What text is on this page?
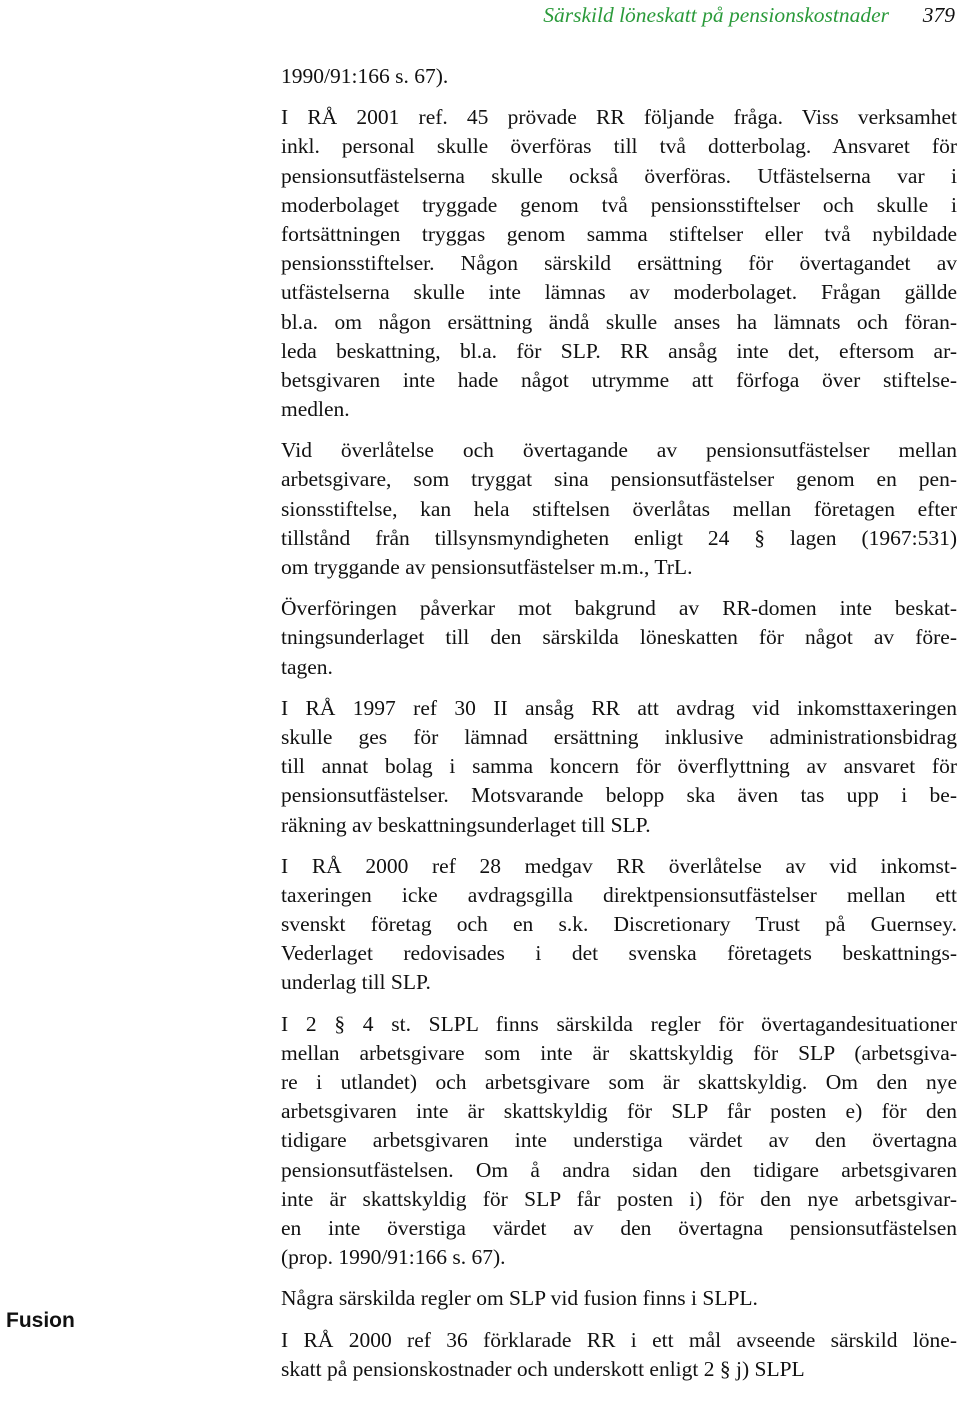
Särskild löneskatt på pensionskostnader 379
Fusion
1990/91:166 s. 67).
I RÅ 2001 ref. 45 prövade RR följande fråga. Viss verksamhet
inkl. personal skulle överföras till två dotterbolag. Ansvaret för
pensionsutfästelserna skulle också överföras. Utfästelserna var i
moderbolaget tryggade genom två pensionsstiftelser och skulle i
fortsättningen tryggas genom samma stiftelser eller två nybildade
pensionsstiftelser. Någon särskild ersättning för övertagandet av
utfästelserna skulle inte lämnas av moderbolaget. Frågan gällde
bl.a. om någon ersättning ändå skulle anses ha lämnats och föran-
leda beskattning, bl.a. för SLP. RR ansåg inte det, eftersom ar-
betsgivaren inte hade något utrymme att förfoga över stiftelse-
medlen.
Vid överlåtelse och övertagande av pensionsutfästelser mellan
arbetsgivare, som tryggat sina pensionsutfästelser genom en pen-
sionsstiftelse, kan hela stiftelsen överlåtas mellan företagen efter
tillstånd från tillsynsmyndigheten enligt 24 § lagen (1967:531)
om tryggande av pensionsutfästelser m.m., TrL.
Överföringen påverkar mot bakgrund av RR-domen inte beskat-
tningsunderlaget till den särskilda löneskatten för något av före-
tagen.
I RÅ 1997 ref 30 II ansåg RR att avdrag vid inkomsttaxeringen
skulle ges för lämnad ersättning inklusive administrationsbidrag
till annat bolag i samma koncern för överflyttning av ansvaret för
pensionsutfästelser. Motsvarande belopp ska även tas upp i be-
räkning av beskattningsunderlaget till SLP.
I RÅ 2000 ref 28 medgav RR överlåtelse av vid inkomst-
taxeringen icke avdragsgilla direktpensionsutfästelser mellan ett
svenskt företag och en s.k. Discretionary Trust på Guernsey.
Vederlaget redovisades i det svenska företagets beskattnings-
underlag till SLP.
I 2 § 4 st. SLPL finns särskilda regler för övertagandesituationer
mellan arbetsgivare som inte är skattskyldig för SLP (arbetsgiva-
re i utlandet) och arbetsgivare som är skattskyldig. Om den nye
arbetsgivaren inte är skattskyldig för SLP får posten e) för den
tidigare arbetsgivaren inte understiga värdet av den övertagna
pensionsutfästelsen. Om å andra sidan den tidigare arbetsgivaren
inte är skattskyldig för SLP får posten i) för den nye arbetsgivar-
en inte överstiga värdet av den övertagna pensionsutfästelsen
(prop. 1990/91:166 s. 67).
Några särskilda regler om SLP vid fusion finns i SLPL.
I RÅ 2000 ref 36 förklarade RR i ett mål avseende särskild löne-
skatt på pensionskostnader och underskott enligt 2 § j) SLPL
